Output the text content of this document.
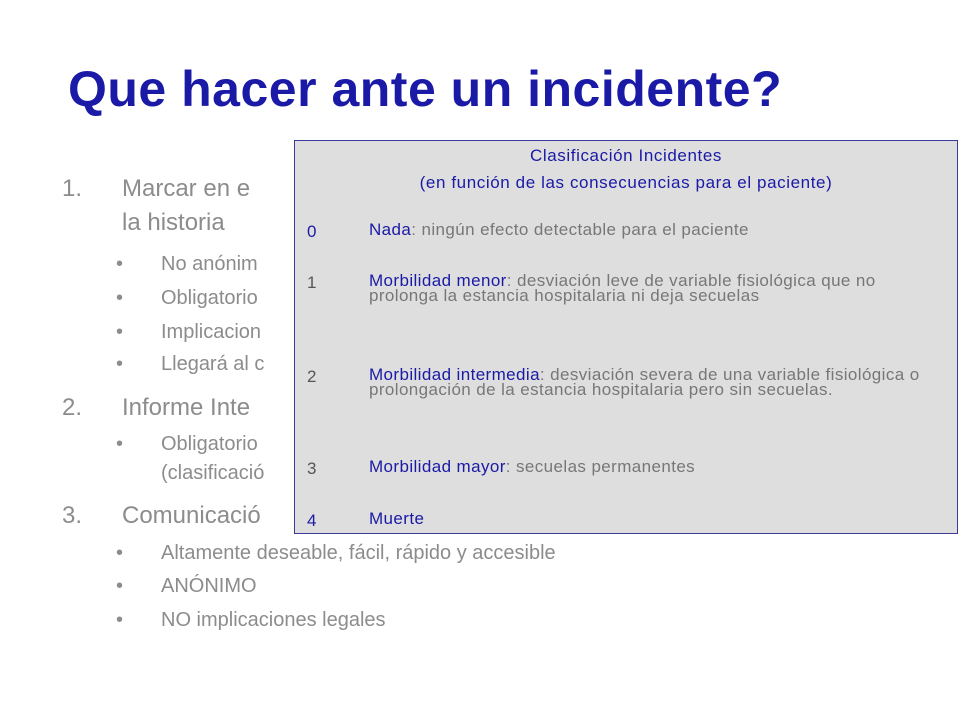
Que hacer ante un incidente?
1. Marcar en e
la historia
• No anónim
• Obligatorio
• Implicacion
• Llegará al c
2. Informe Inte
• Obligatorio
(clasificació
3. Comunicació
• Altamente deseable, fácil, rápido y accesible
• ANÓNIMO
• NO implicaciones legales
Clasificación Incidentes
(en función de las consecuencias para el paciente)
0	Nada: ningún efecto detectable para el paciente
1	Morbilidad menor: desviación leve de variable fisiológica que no prolonga la estancia hospitalaria ni deja secuelas
2	Morbilidad intermedia: desviación severa de una variable fisiológica o prolongación de la estancia hospitalaria pero sin secuelas.
3	Morbilidad mayor: secuelas permanentes
4	Muerte
